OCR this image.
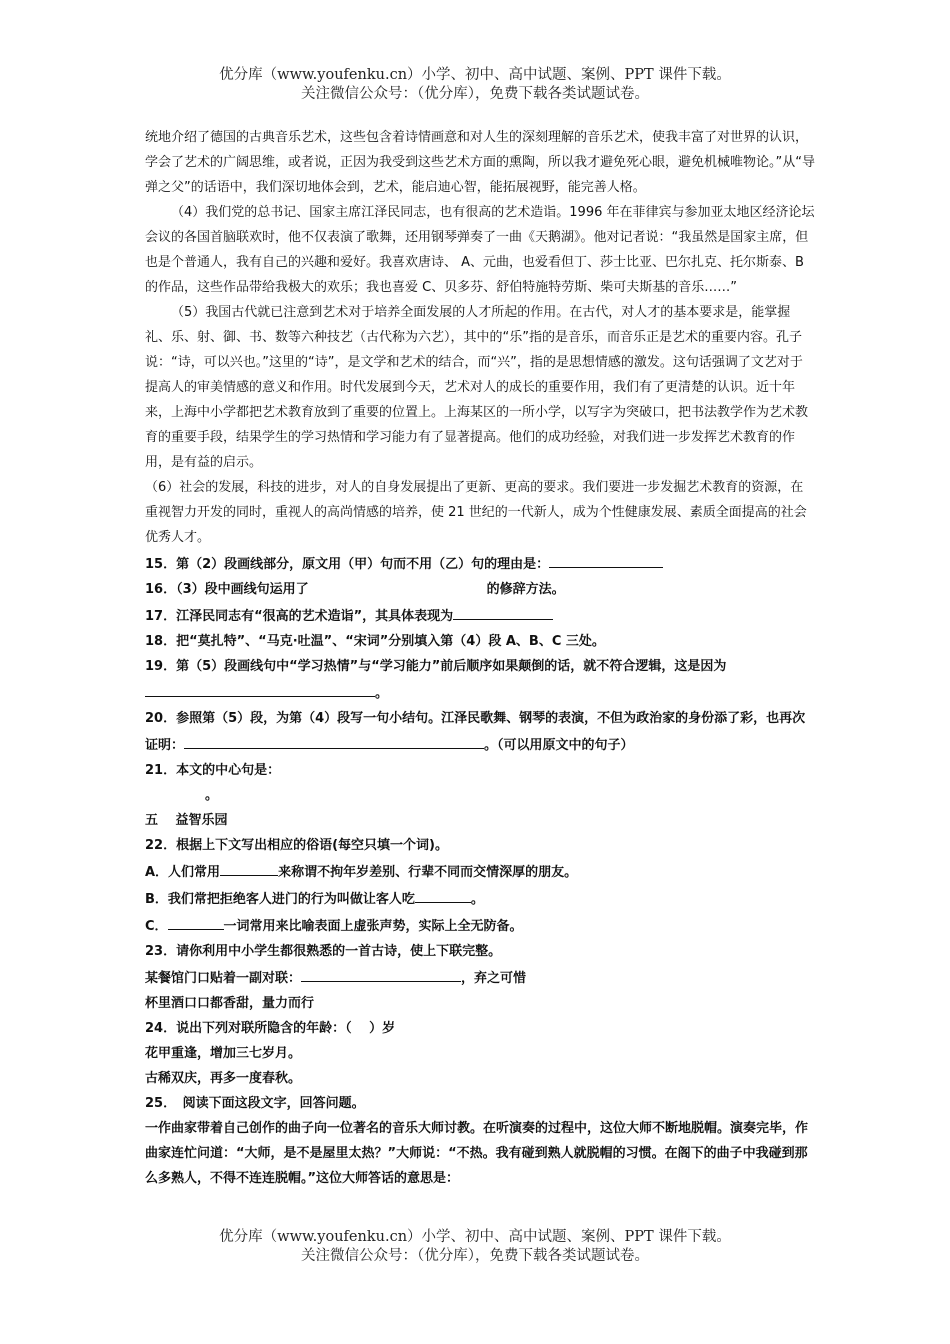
优分库（www.youfenku.cn）小学、初中、高中试题、案例、PPT 课件下载。
关注微信公众号：（优分库），免费下载各类试题试卷。

统地介绍了德国的古典音乐艺术，这些包含着诗情画意和对人生的深刻理解的音乐艺术，使我丰富了对世界的认识，学会了艺术的广阔思维，或者说，正因为我受到这些艺术方面的熏陶，所以我才避免死心眼，避免机械唯物论。”从“导弹之父”的话语中，我们深切地体会到，艺术，能启迪心智，能拓展视野，能完善人格。

（4）我们党的总书记、国家主席江泽民同志，也有很高的艺术造诣。1996 年在菲律宾与参加亚太地区经济论坛会议的各国首脑联欢时，他不仅表演了歌舞，还用钢琴弹奏了一曲《天鹅湖》。他对记者说：“我虽然是国家主席，但也是个普通人，我有自己的兴趣和爱好。我喜欢唐诗、 A、元曲，也爱看但丁、莎士比亚、巴尔扎克、托尔斯泰、B 的作品，这些作品带给我极大的欢乐；我也喜爱 C、贝多芬、舒伯特施特劳斯、柴可夫斯基的音乐……”

（5）我国古代就已注意到艺术对于培养全面发展的人才所起的作用。在古代，对人才的基本要求是，能掌握礼、乐、射、御、书、数等六种技艺（古代称为六艺），其中的“乐”指的是音乐，而音乐正是艺术的重要内容。孔子说：“诗，可以兴也。”这里的“诗”，是文学和艺术的结合，而“兴”，指的是思想情感的激发。这句话强调了文艺对于提高人的审美情感的意义和作用。时代发展到今天，艺术对人的成长的重要作用，我们有了更清楚的认识。近十年来，上海中小学都把艺术教育放到了重要的位置上。上海某区的一所小学，以写字为突破口，把书法教学作为艺术教育的重要手段，结果学生的学习热情和学习能力有了显著提高。他们的成功经验，对我们进一步发挥艺术教育的作用，是有益的启示。

（6）社会的发展，科技的进步，对人的自身发展提出了更新、更高的要求。我们要进一步发掘艺术教育的资源，在重视智力开发的同时，重视人的高尚情感的培养，使 21 世纪的一代新人，成为个性健康发展、素质全面提高的社会优秀人才。

15．第（2）段画线部分，原文用（甲）句而不用（乙）句的理由是：

16．（3）段中画线句运用了	的修辞方法。

17．江泽民同志有“很高的艺术造诣”，其具体表现为

18．把“莫扎特”、“马克·吐温”、“宋词”分别填入第（4）段 A、B、C 三处。

19．第（5）段画线句中“学习热情”与“学习能力”前后顺序如果颠倒的话，就不符合逻辑，这是因为
。

20．参照第（5）段，为第（4）段写一句小结句。江泽民歌舞、钢琴的表演，不但为政治家的身份添了彩，也再次证明：	。（可以用原文中的句子）

21．本文的中心句是：

。

五　 益智乐园

22．根据上下文写出相应的俗语(每空只填一个词)。

A．人们常用	来称谓不拘年岁差别、行辈不同而交情深厚的朋友。

B．我们常把拒绝客人进门的行为叫做让客人吃	。

C．	一词常用来比喻表面上虚张声势，实际上全无防备。

23．请你利用中小学生都很熟悉的一首古诗，使上下联完整。

某餐馆门口贴着一副对联：	，弃之可惜

杯里酒口口都香甜，量力而行

24．说出下列对联所隐含的年龄：（　 ）岁

花甲重逢，增加三七岁月。

古稀双庆，再多一度春秋。

25．　阅读下面这段文字，回答问题。

一作曲家带着自己创作的曲子向一位著名的音乐大师讨教。在听演奏的过程中，这位大师不断地脱帽。演奏完毕，作曲家连忙问道：“大师，是不是屋里太热？”大师说：“不热。我有碰到熟人就脱帽的习惯。在阁下的曲子中我碰到那么多熟人，不得不连连脱帽。”这位大师答话的意思是：

优分库（www.youfenku.cn）小学、初中、高中试题、案例、PPT 课件下载。
关注微信公众号：（优分库），免费下载各类试题试卷。
